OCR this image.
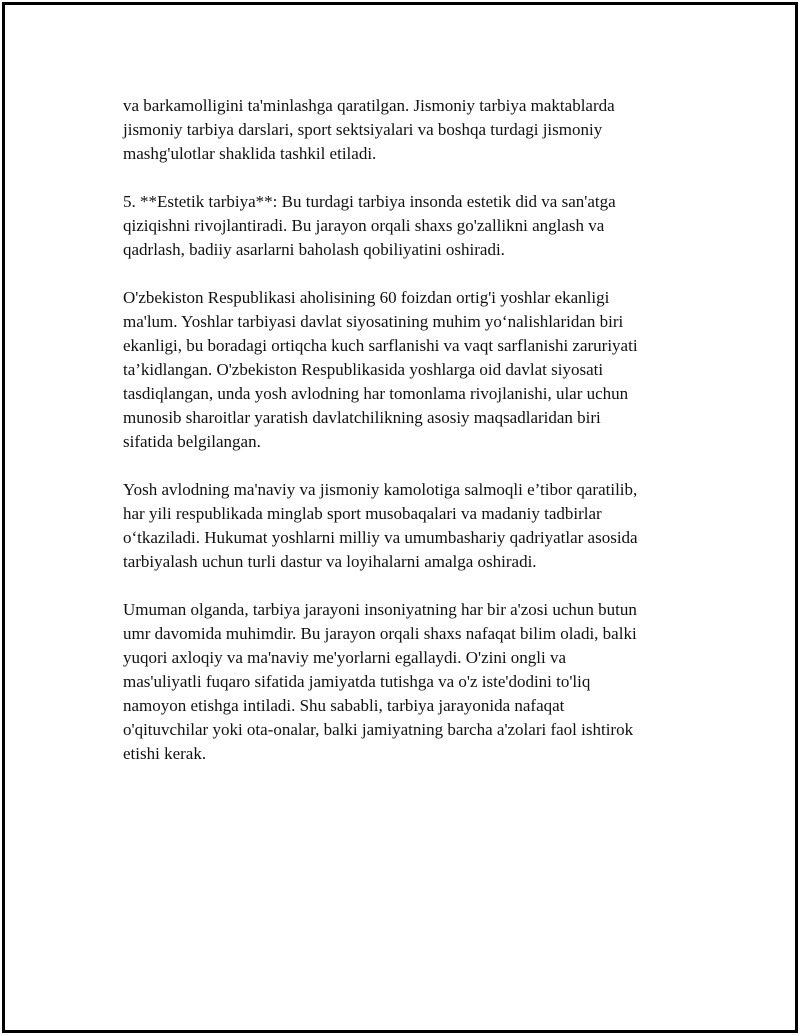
va barkamolligini ta'minlashga qaratilgan. Jismoniy tarbiya maktablarda
jismoniy tarbiya darslari, sport sektsiyalari va boshqa turdagi jismoniy
mashg'ulotlar shaklida tashkil etiladi.

5. **Estetik tarbiya**: Bu turdagi tarbiya insonda estetik did va san'atga
qiziqishni rivojlantiradi. Bu jarayon orqali shaxs go'zallikni anglash va
qadrlash, badiiy asarlarni baholash qobiliyatini oshiradi.

O'zbekiston Respublikasi aholisining 60 foizdan ortig'i yoshlar ekanligi
ma'lum. Yoshlar tarbiyasi davlat siyosatining muhim yo‘nalishlaridan biri
ekanligi, bu boradagi ortiqcha kuch sarflanishi va vaqt sarflanishi zaruriyati
ta’kidlangan. O'zbekiston Respublikasida yoshlarga oid davlat siyosati
tasdiqlangan, unda yosh avlodning har tomonlama rivojlanishi, ular uchun
munosib sharoitlar yaratish davlatchilikning asosiy maqsadlaridan biri
sifatida belgilangan.

Yosh avlodning ma'naviy va jismoniy kamolotiga salmoqli e’tibor qaratilib,
har yili respublikada minglab sport musobaqalari va madaniy tadbirlar
o‘tkaziladi. Hukumat yoshlarni milliy va umumbashariy qadriyatlar asosida
tarbiyalash uchun turli dastur va loyihalarni amalga oshiradi.

Umuman olganda, tarbiya jarayoni insoniyatning har bir a'zosi uchun butun
umr davomida muhimdir. Bu jarayon orqali shaxs nafaqat bilim oladi, balki
yuqori axloqiy va ma'naviy me'yorlarni egallaydi. O'zini ongli va
mas'uliyatli fuqaro sifatida jamiyatda tutishga va o'z iste'dodini to'liq
namoyon etishga intiladi. Shu sababli, tarbiya jarayonida nafaqat
o'qituvchilar yoki ota-onalar, balki jamiyatning barcha a'zolari faol ishtirok
etishi kerak.
